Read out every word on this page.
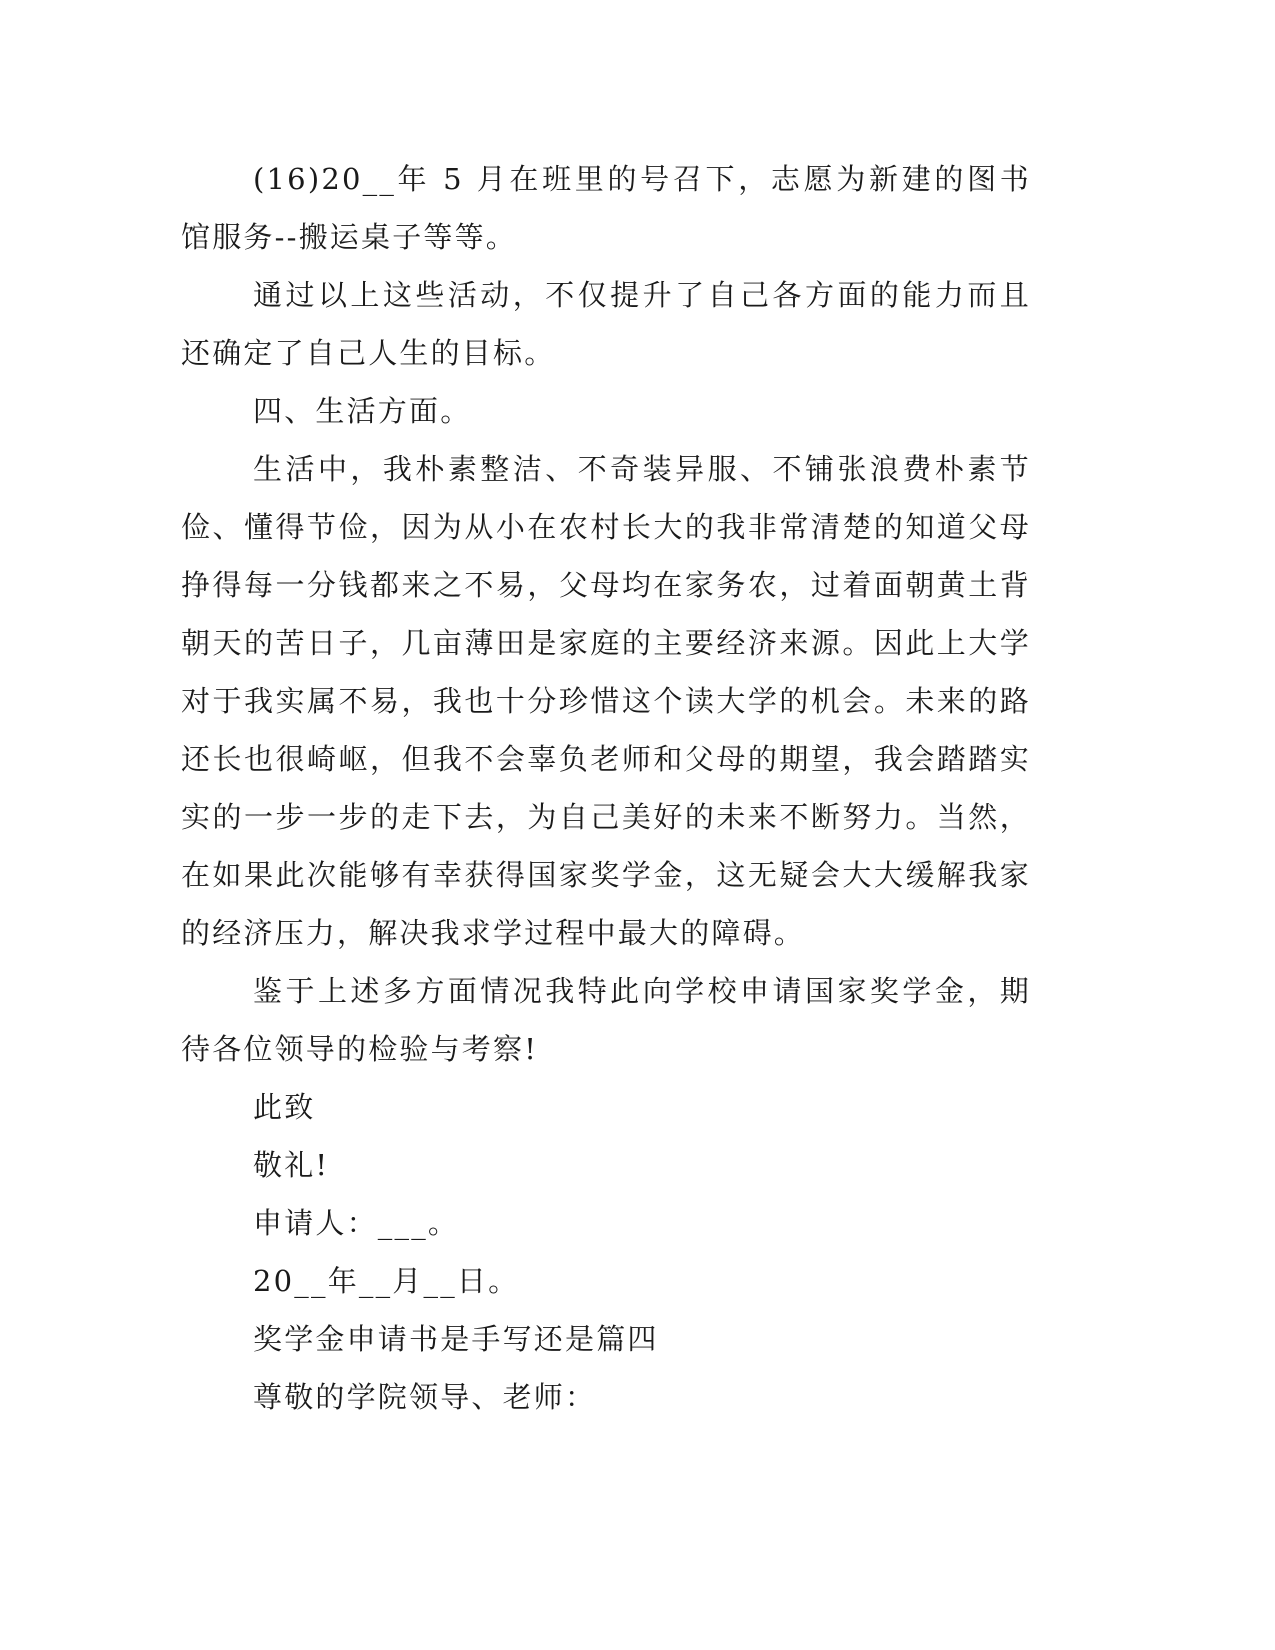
(16)20__年 5 月在班里的号召下，志愿为新建的图书馆服务--搬运桌子等等。

通过以上这些活动，不仅提升了自己各方面的能力而且还确定了自己人生的目标。

四、生活方面。

生活中，我朴素整洁、不奇装异服、不铺张浪费朴素节俭、懂得节俭，因为从小在农村长大的我非常清楚的知道父母挣得每一分钱都来之不易，父母均在家务农，过着面朝黄土背朝天的苦日子，几亩薄田是家庭的主要经济来源。因此上大学对于我实属不易，我也十分珍惜这个读大学的机会。未来的路还长也很崎岖，但我不会辜负老师和父母的期望，我会踏踏实实的一步一步的走下去，为自己美好的未来不断努力。当然，在如果此次能够有幸获得国家奖学金，这无疑会大大缓解我家的经济压力，解决我求学过程中最大的障碍。

鉴于上述多方面情况我特此向学校申请国家奖学金，期待各位领导的检验与考察!

此致

敬礼!

申请人：___。

20__年__月__日。

奖学金申请书是手写还是篇四

尊敬的学院领导、老师：
